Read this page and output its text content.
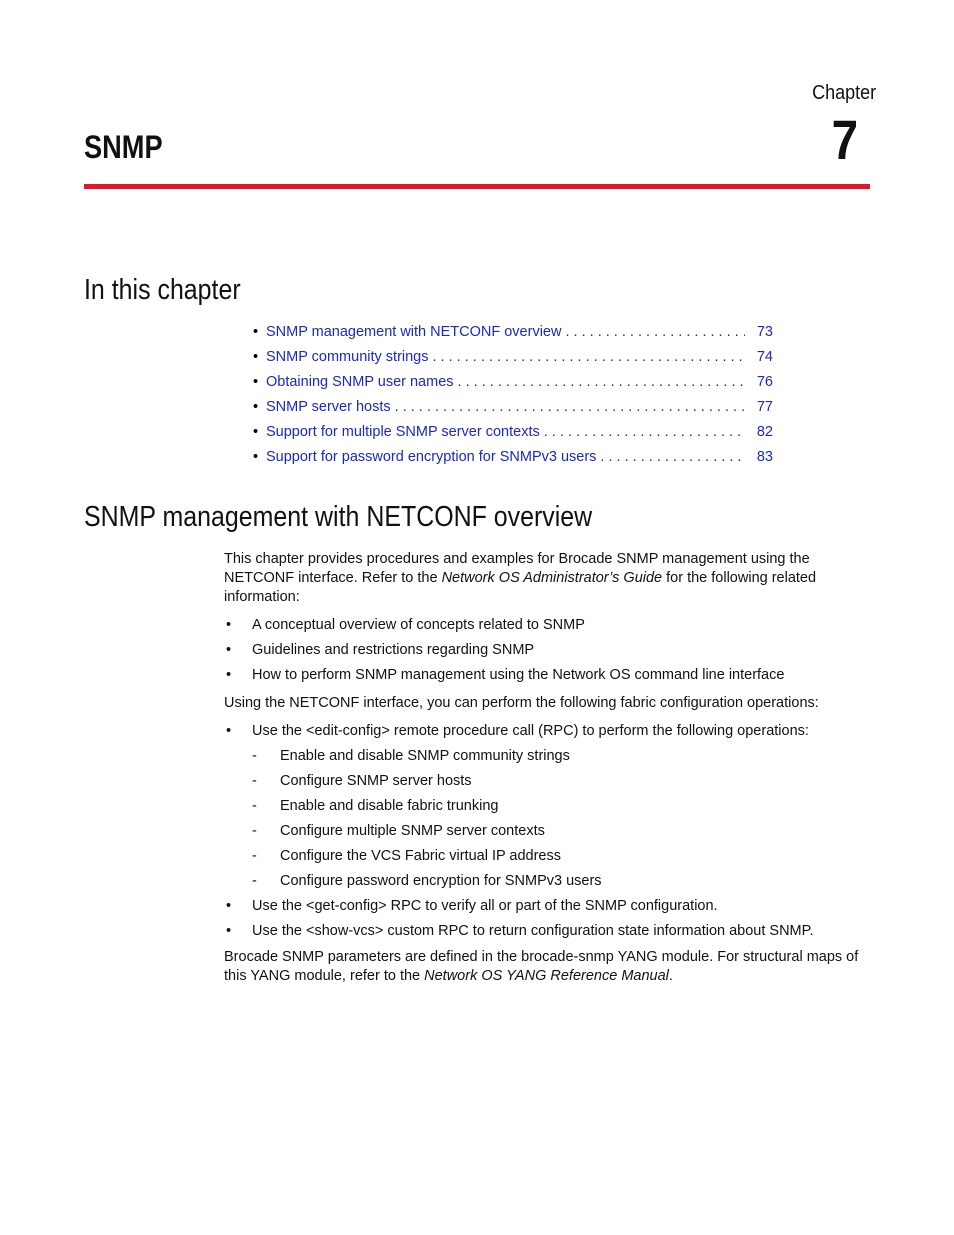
Chapter
7
SNMP
In this chapter
• SNMP management with NETCONF overview . . .	73
• SNMP community strings . . .	74
• Obtaining SNMP user names . . .	76
• SNMP server hosts . . .	77
• Support for multiple SNMP server contexts . . .	82
• Support for password encryption for SNMPv3 users . . .	83
SNMP management with NETCONF overview

This chapter provides procedures and examples for Brocade SNMP management using the NETCONF interface. Refer to the Network OS Administrator’s Guide for the following related information:

• A conceptual overview of concepts related to SNMP
• Guidelines and restrictions regarding SNMP
• How to perform SNMP management using the Network OS command line interface

Using the NETCONF interface, you can perform the following fabric configuration operations:

• Use the <edit-config> remote procedure call (RPC) to perform the following operations:
- Enable and disable SNMP community strings
- Configure SNMP server hosts
- Enable and disable fabric trunking
- Configure multiple SNMP server contexts
- Configure the VCS Fabric virtual IP address
- Configure password encryption for SNMPv3 users
• Use the <get-config> RPC to verify all or part of the SNMP configuration.
• Use the <show-vcs> custom RPC to return configuration state information about SNMP.

Brocade SNMP parameters are defined in the brocade-snmp YANG module. For structural maps of this YANG module, refer to the Network OS YANG Reference Manual.
